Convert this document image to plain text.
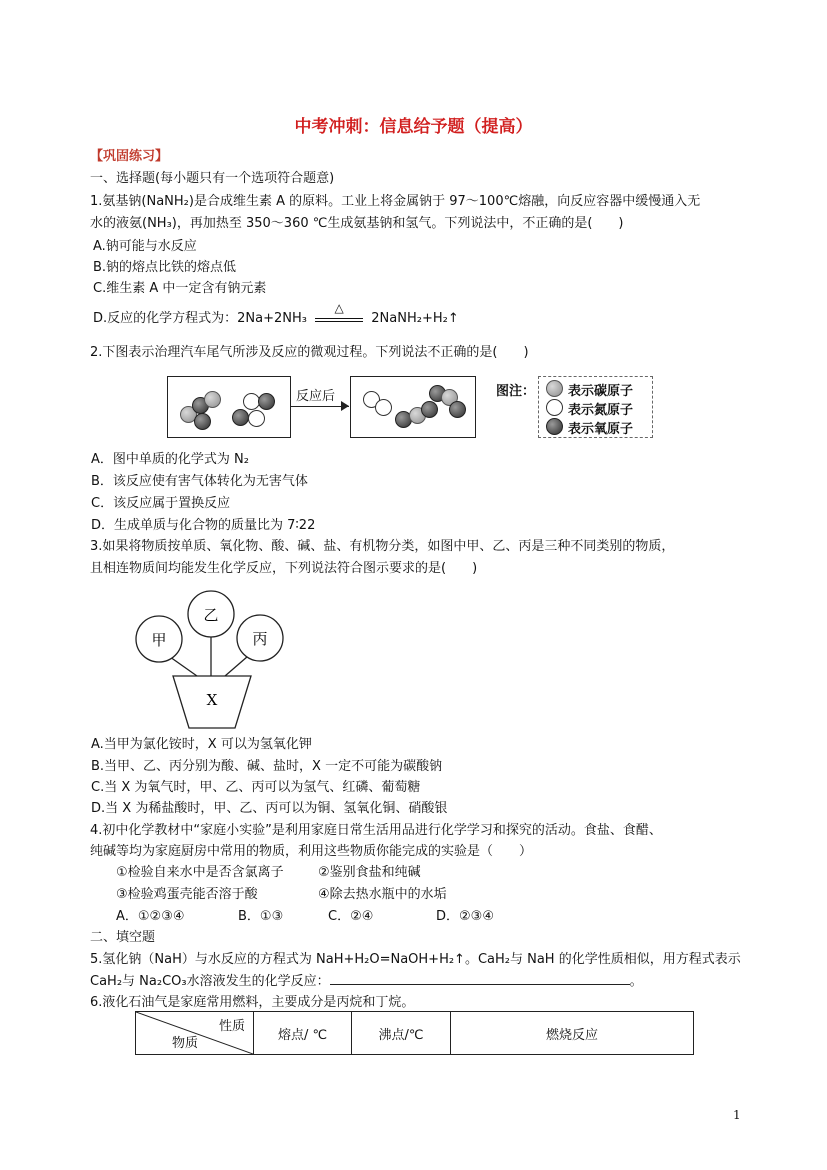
中考冲刺：信息给予题（提高）
【巩固练习】
一、选择题(每小题只有一个选项符合题意)
1.氨基钠(NaNH₂)是合成维生素 A 的原料。工业上将金属钠于 97～100℃熔融，向反应容器中缓慢通入无
水的液氨(NH₃)，再加热至 350～360 ℃生成氨基钠和氢气。下列说法中，不正确的是(　　)
A.钠可能与水反应
B.钠的熔点比铁的熔点低
C.维生素 A 中一定含有钠元素
D.反应的化学方程式为：2Na+2NH₃
△
2NaNH₂+H₂↑
2.下图表示治理汽车尾气所涉及反应的微观过程。下列说法不正确的是(　　)
反应后	图注：	表示碳原子
表示氮原子
表示氧原子
A．图中单质的化学式为 N₂
B．该反应使有害气体转化为无害气体
C．该反应属于置换反应
D．生成单质与化合物的质量比为 7∶22
3.如果将物质按单质、氧化物、酸、碱、盐、有机物分类，如图中甲、乙、丙是三种不同类别的物质，
且相连物质间均能发生化学反应，下列说法符合图示要求的是(　　)
甲
乙
丙
X
A.当甲为氯化铵时，X 可以为氢氧化钾
B.当甲、乙、丙分别为酸、碱、盐时，X 一定不可能为碳酸钠
C.当 X 为氧气时，甲、乙、丙可以为氢气、红磷、葡萄糖
D.当 X 为稀盐酸时，甲、乙、丙可以为铜、氢氧化铜、硝酸银
4.初中化学教材中“家庭小实验”是利用家庭日常生活用品进行化学学习和探究的活动。食盐、食醋、
纯碱等均为家庭厨房中常用的物质，利用这些物质你能完成的实验是（　　）
①检验自来水中是否含氯离子	②鉴别食盐和纯碱
③检验鸡蛋壳能否溶于酸	④除去热水瓶中的水垢
A．①②③④	B．①③	C．②④	D．②③④
二、填空题
5.氢化钠（NaH）与水反应的方程式为 NaH+H₂O=NaOH+H₂↑。CaH₂与 NaH 的化学性质相似，用方程式表示
CaH₂与 Na₂CO₃水溶液发生的化学反应：	。
6.液化石油气是家庭常用燃料，主要成分是丙烷和丁烷。
性质
物质
	熔点/ ℃	沸点/℃	燃烧反应
1
